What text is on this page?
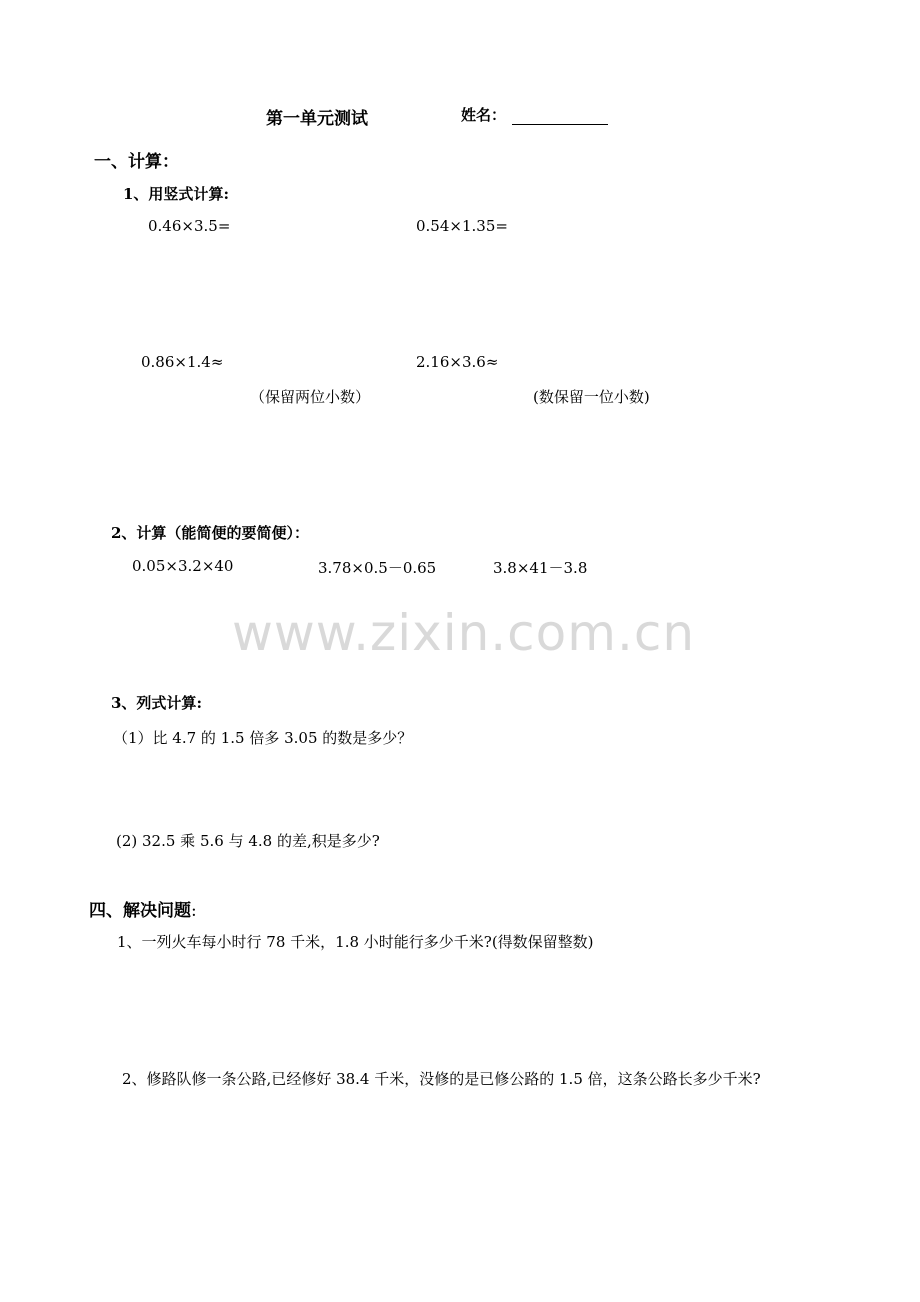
第一单元测试	姓名：
一、计算：
1、用竖式计算:
0.46×3.5=	0.54×1.35=
0.86×1.4≈	2.16×3.6≈
（保留两位小数）	(数保留一位小数)
2、计算（能简便的要简便）：
0.05×3.2×40	3.78×0.5－0.65	3.8×41－3.8
www.zixin.com.cn
3、列式计算:
（1）比 4.7 的 1.5 倍多 3.05 的数是多少？
(2) 32.5 乘 5.6 与 4.8 的差,积是多少?
四、解决问题:
1、一列火车每小时行 78 千米，1.8 小时能行多少千米?(得数保留整数)
2、修路队修一条公路,已经修好 38.4 千米，没修的是已修公路的 1.5 倍，这条公路长多少千米?
